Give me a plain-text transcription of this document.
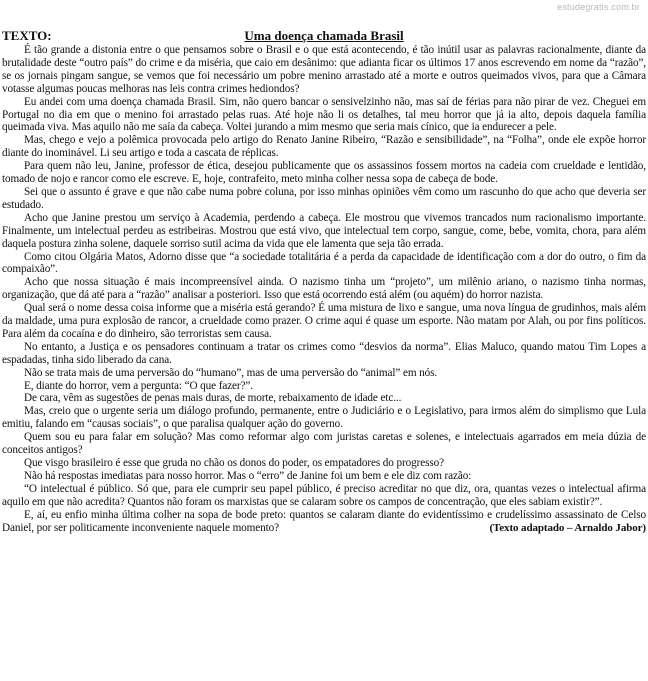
estudegratis.com.br
TEXTO:	Uma doença chamada Brasil

É tão grande a distonia entre o que pensamos sobre o Brasil e o que está acontecendo, é tão inútil usar as palavras racionalmente, diante da brutalidade deste “outro país” do crime e da miséria, que caio em desânimo: que adianta ficar os últimos 17 anos escrevendo em nome da “razão”, se os jornais pingam sangue, se vemos que foi necessário um pobre menino arrastado até a morte e outros queimados vivos, para que a Câmara votasse algumas poucas melhoras nas leis contra crimes hediondos?

Eu andei com uma doença chamada Brasil. Sim, não quero bancar o sensivelzinho não, mas saí de férias para não pirar de vez. Cheguei em Portugal no dia em que o menino foi arrastado pelas ruas. Até hoje não li os detalhes, tal meu horror que já ia alto, depois daquela família queimada viva. Mas aquilo não me saía da cabeça. Voltei jurando a mim mesmo que seria mais cínico, que ia endurecer a pele.

Mas, chego e vejo a polêmica provocada pelo artigo do Renato Janine Ribeiro, “Razão e sensibilidade”, na “Folha”, onde ele expõe horror diante do inominável. Li seu artigo e toda a cascata de réplicas.

Para quem não leu, Janine, professor de ética, desejou publicamente que os assassinos fossem mortos na cadeia com crueldade e lentidão, tomado de nojo e rancor como ele escreve. E, hoje, contrafeito, meto minha colher nessa sopa de cabeça de bode.

Sei que o assunto é grave e que não cabe numa pobre coluna, por isso minhas opiniões vêm como um rascunho do que acho que deveria ser estudado.

Acho que Janine prestou um serviço à Academia, perdendo a cabeça. Ele mostrou que vivemos trancados num racionalismo importante. Finalmente, um intelectual perdeu as estribeiras. Mostrou que está vivo, que intelectual tem corpo, sangue, come, bebe, vomita, chora, para além daquela postura zinha solene, daquele sorriso sutil acima da vida que ele lamenta que seja tão errada.

Como citou Olgária Matos, Adorno disse que “a sociedade totalitária é a perda da capacidade de identificação com a dor do outro, o fim da compaixão”.

Acho que nossa situação é mais incompreensível ainda. O nazismo tinha um “projeto”, um milênio ariano, o nazismo tinha normas, organização, que dá até para a “razão” analisar a posteriori. Isso que está ocorrendo está além (ou aquém) do horror nazista.

Qual será o nome dessa coisa informe que a miséria está gerando? É uma mistura de lixo e sangue, uma nova língua de grudinhos, mais além da maldade, uma pura explosão de rancor, a crueldade como prazer. O crime aqui é quase um esporte. Não matam por Alah, ou por fins políticos. Para além da cocaína e do dinheiro, são terroristas sem causa.

No entanto, a Justiça e os pensadores continuam a tratar os crimes como “desvios da norma”. Elias Maluco, quando matou Tim Lopes a espadadas, tinha sido liberado da cana.

Não se trata mais de uma perversão do “humano”, mas de uma perversão do “animal” em nós.

E, diante do horror, vem a pergunta: “O que fazer?”.

De cara, vêm as sugestões de penas mais duras, de morte, rebaixamento de idade etc...

Mas, creio que o urgente seria um diálogo profundo, permanente, entre o Judiciário e o Legislativo, para irmos além do simplismo que Lula emitiu, falando em “causas sociais”, o que paralisa qualquer ação do governo.

Quem sou eu para falar em solução? Mas como reformar algo com juristas caretas e solenes, e intelectuais agarrados em meia dúzia de conceitos antigos?

Que visgo brasileiro é esse que gruda no chão os donos do poder, os empatadores do progresso?

Não há respostas imediatas para nosso horror. Mas o “erro” de Janine foi um bem e ele diz com razão:

“O intelectual é público. Só que, para ele cumprir seu papel público, é preciso acreditar no que diz, ora, quantas vezes o intelectual afirma aquilo em que não acredita? Quantos não foram os marxistas que se calaram sobre os campos de concentração, que eles sabiam existir?”.

E, aí, eu enfio minha última colher na sopa de bode preto: quantos se calaram diante do evidentíssimo e crudelíssimo assassinato de Celso Daniel, por ser politicamente inconveniente naquele momento?	(Texto adaptado – Arnaldo Jabor)
